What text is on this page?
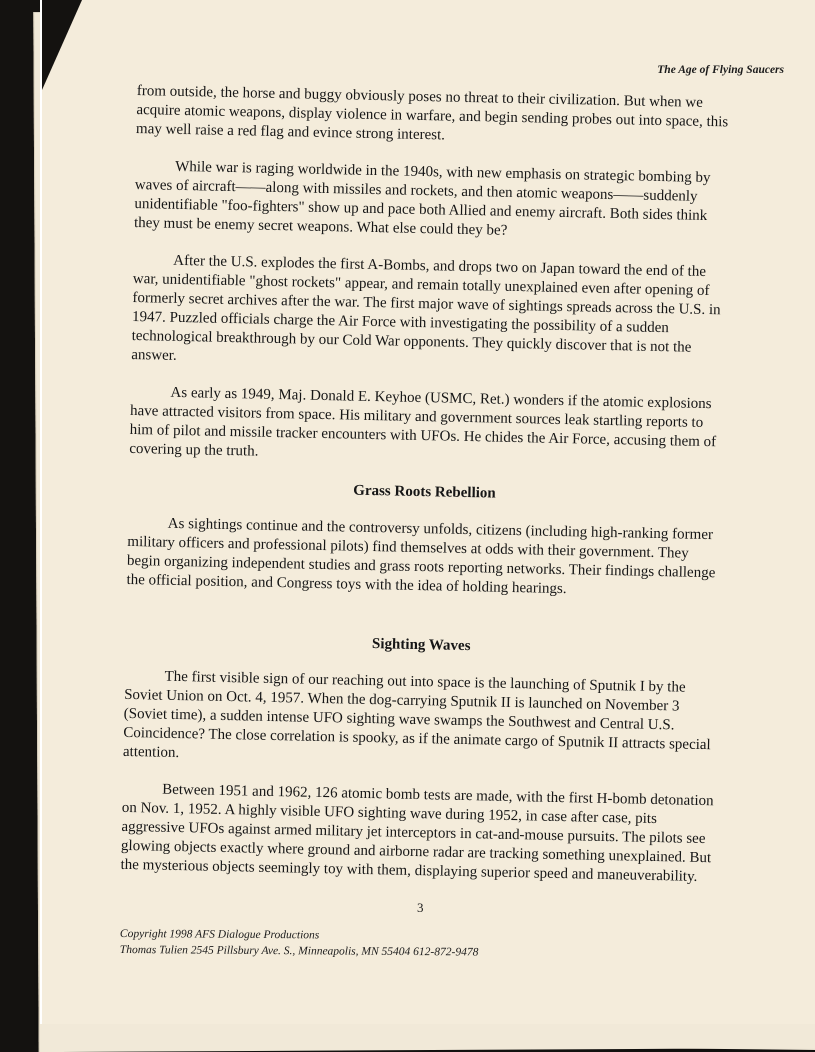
The Age of Flying Saucers

from outside, the horse and buggy obviously poses no threat to their civilization. But when we acquire atomic weapons, display violence in warfare, and begin sending probes out into space, this may well raise a red flag and evince strong interest.

While war is raging worldwide in the 1940s, with new emphasis on strategic bombing by waves of aircraft——along with missiles and rockets, and then atomic weapons——suddenly unidentifiable "foo-fighters" show up and pace both Allied and enemy aircraft. Both sides think they must be enemy secret weapons. What else could they be?

After the U.S. explodes the first A-Bombs, and drops two on Japan toward the end of the war, unidentifiable "ghost rockets" appear, and remain totally unexplained even after opening of formerly secret archives after the war. The first major wave of sightings spreads across the U.S. in 1947. Puzzled officials charge the Air Force with investigating the possibility of a sudden technological breakthrough by our Cold War opponents. They quickly discover that is not the answer.

As early as 1949, Maj. Donald E. Keyhoe (USMC, Ret.) wonders if the atomic explosions have attracted visitors from space. His military and government sources leak startling reports to him of pilot and missile tracker encounters with UFOs. He chides the Air Force, accusing them of covering up the truth.

Grass Roots Rebellion

As sightings continue and the controversy unfolds, citizens (including high-ranking former military officers and professional pilots) find themselves at odds with their government. They begin organizing independent studies and grass roots reporting networks. Their findings challenge the official position, and Congress toys with the idea of holding hearings.

Sighting Waves

The first visible sign of our reaching out into space is the launching of Sputnik I by the Soviet Union on Oct. 4, 1957. When the dog-carrying Sputnik II is launched on November 3 (Soviet time), a sudden intense UFO sighting wave swamps the Southwest and Central U.S. Coincidence? The close correlation is spooky, as if the animate cargo of Sputnik II attracts special attention.

Between 1951 and 1962, 126 atomic bomb tests are made, with the first H-bomb detonation on Nov. 1, 1952. A highly visible UFO sighting wave during 1952, in case after case, pits aggressive UFOs against armed military jet interceptors in cat-and-mouse pursuits. The pilots see glowing objects exactly where ground and airborne radar are tracking something unexplained. But the mysterious objects seemingly toy with them, displaying superior speed and maneuverability.

3
Copyright 1998 AFS Dialogue Productions
Thomas Tulien 2545 Pillsbury Ave. S., Minneapolis, MN 55404 612-872-9478
